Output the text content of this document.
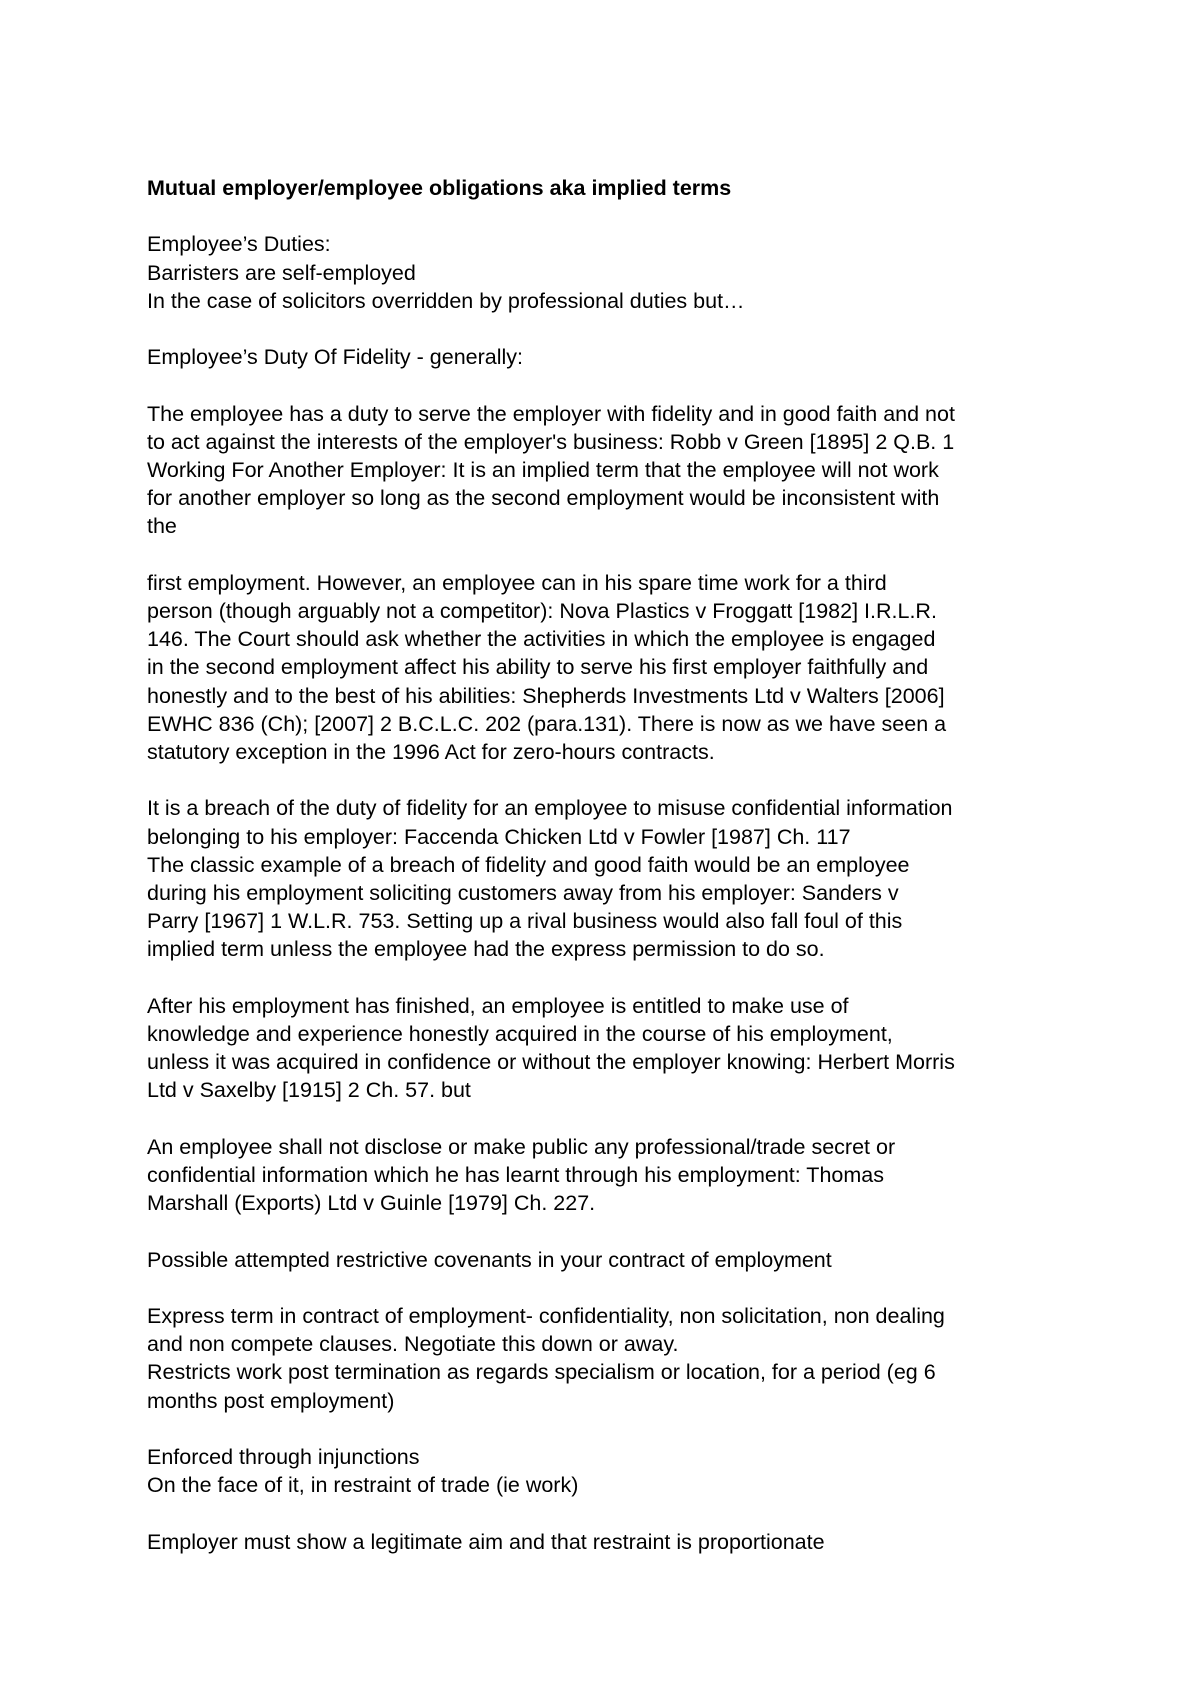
Mutual employer/employee obligations aka implied terms
Employee’s Duties:
Barristers are self-employed
In the case of solicitors overridden by professional duties but…
Employee’s Duty Of Fidelity - generally:
The employee has a duty to serve the employer with fidelity and in good faith and not
to act against the interests of the employer's business: Robb v Green [1895] 2 Q.B. 1
Working For Another Employer: It is an implied term that the employee will not work
for another employer so long as the second employment would be inconsistent with
the
first employment. However, an employee can in his spare time work for a third
person (though arguably not a competitor): Nova Plastics v Froggatt [1982] I.R.L.R.
146. The Court should ask whether the activities in which the employee is engaged
in the second employment affect his ability to serve his first employer faithfully and
honestly and to the best of his abilities: Shepherds Investments Ltd v Walters [2006]
EWHC 836 (Ch); [2007] 2 B.C.L.C. 202 (para.131). There is now as we have seen a
statutory exception in the 1996 Act for zero-hours contracts.
It is a breach of the duty of fidelity for an employee to misuse confidential information
belonging to his employer: Faccenda Chicken Ltd v Fowler [1987] Ch. 117
The classic example of a breach of fidelity and good faith would be an employee
during his employment soliciting customers away from his employer: Sanders v
Parry [1967] 1 W.L.R. 753. Setting up a rival business would also fall foul of this
implied term unless the employee had the express permission to do so.
After his employment has finished, an employee is entitled to make use of
knowledge and experience honestly acquired in the course of his employment,
unless it was acquired in confidence or without the employer knowing: Herbert Morris
Ltd v Saxelby [1915] 2 Ch. 57. but
An employee shall not disclose or make public any professional/trade secret or
confidential information which he has learnt through his employment: Thomas
Marshall (Exports) Ltd v Guinle [1979] Ch. 227.
Possible attempted restrictive covenants in your contract of employment
Express term in contract of employment- confidentiality, non solicitation, non dealing
and non compete clauses. Negotiate this down or away.
Restricts work post termination as regards specialism or location, for a period (eg 6
months post employment)
Enforced through injunctions
On the face of it, in restraint of trade (ie work)
Employer must show a legitimate aim and that restraint is proportionate
